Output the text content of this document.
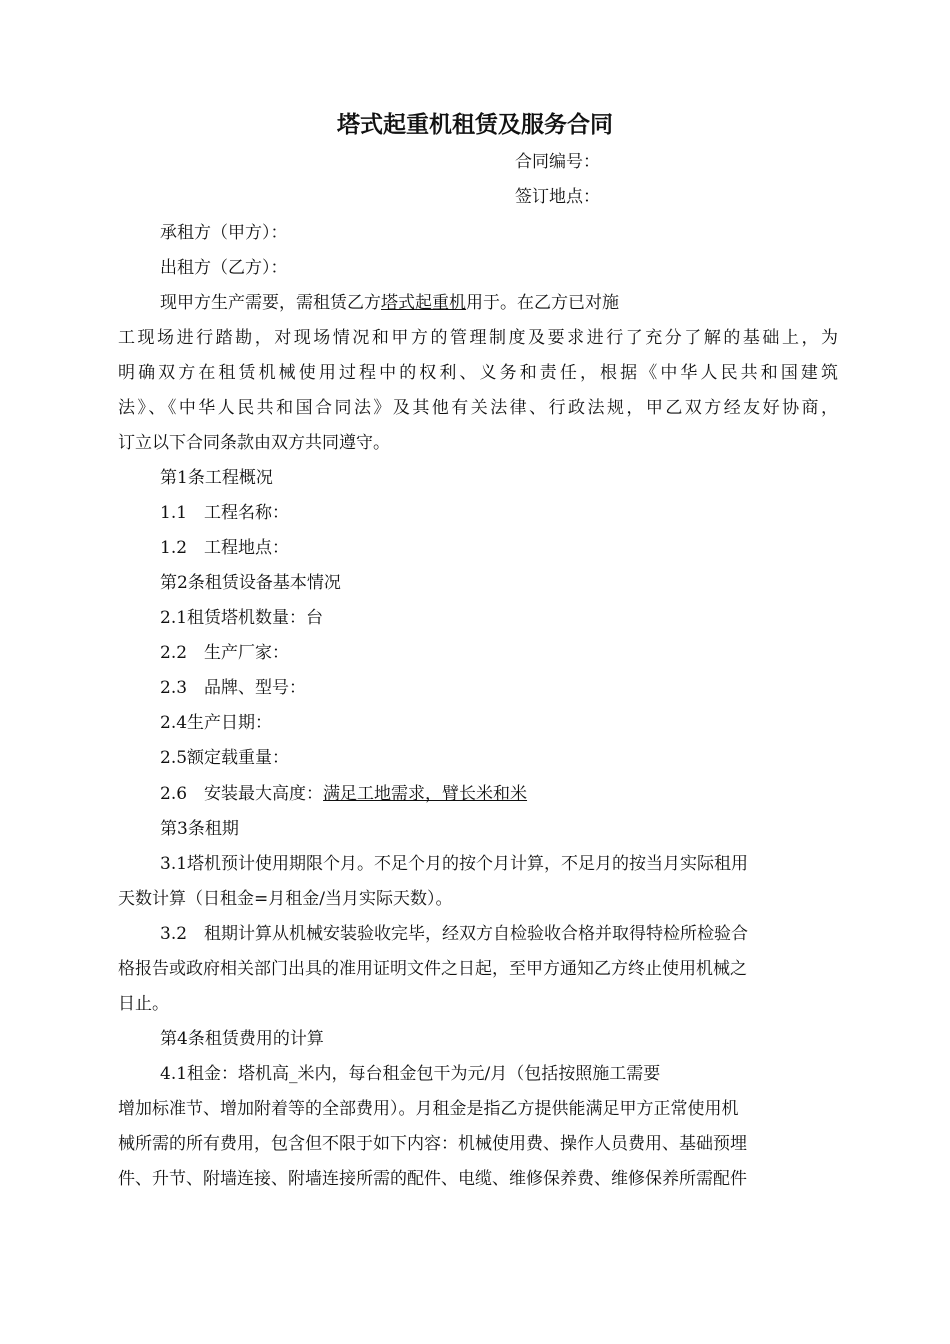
塔式起重机租赁及服务合同
合同编号：
签订地点：
承租方（甲方）：
出租方（乙方）：
现甲方生产需要，需租赁乙方塔式起重机用于。在乙方已对施
工现场进行踏勘，对现场情况和甲方的管理制度及要求进行了充分了解的基础上，为
明确双方在租赁机械使用过程中的权利、义务和责任，根据《中华人民共和国建筑
法》、《中华人民共和国合同法》及其他有关法律、行政法规，甲乙双方经友好协商，
订立以下合同条款由双方共同遵守。
第1条工程概况
1.1　工程名称：
1.2　工程地点：
第2条租赁设备基本情况
2.1租赁塔机数量：台
2.2　生产厂家：
2.3　品牌、型号：
2.4生产日期：
2.5额定载重量：
2.6　安装最大高度：满足工地需求，臂长米和米
第3条租期
3.1塔机预计使用期限个月。不足个月的按个月计算，不足月的按当月实际租用
天数计算（日租金=月租金/当月实际天数）。
3.2　租期计算从机械安装验收完毕，经双方自检验收合格并取得特检所检验合
格报告或政府相关部门出具的准用证明文件之日起，至甲方通知乙方终止使用机械之
日止。
第4条租赁费用的计算
4.1租金：塔机高_米内，每台租金包干为元/月（包括按照施工需要
增加标准节、增加附着等的全部费用）。月租金是指乙方提供能满足甲方正常使用机
械所需的所有费用，包含但不限于如下内容：机械使用费、操作人员费用、基础预埋
件、升节、附墙连接、附墙连接所需的配件、电缆、维修保养费、维修保养所需配件
